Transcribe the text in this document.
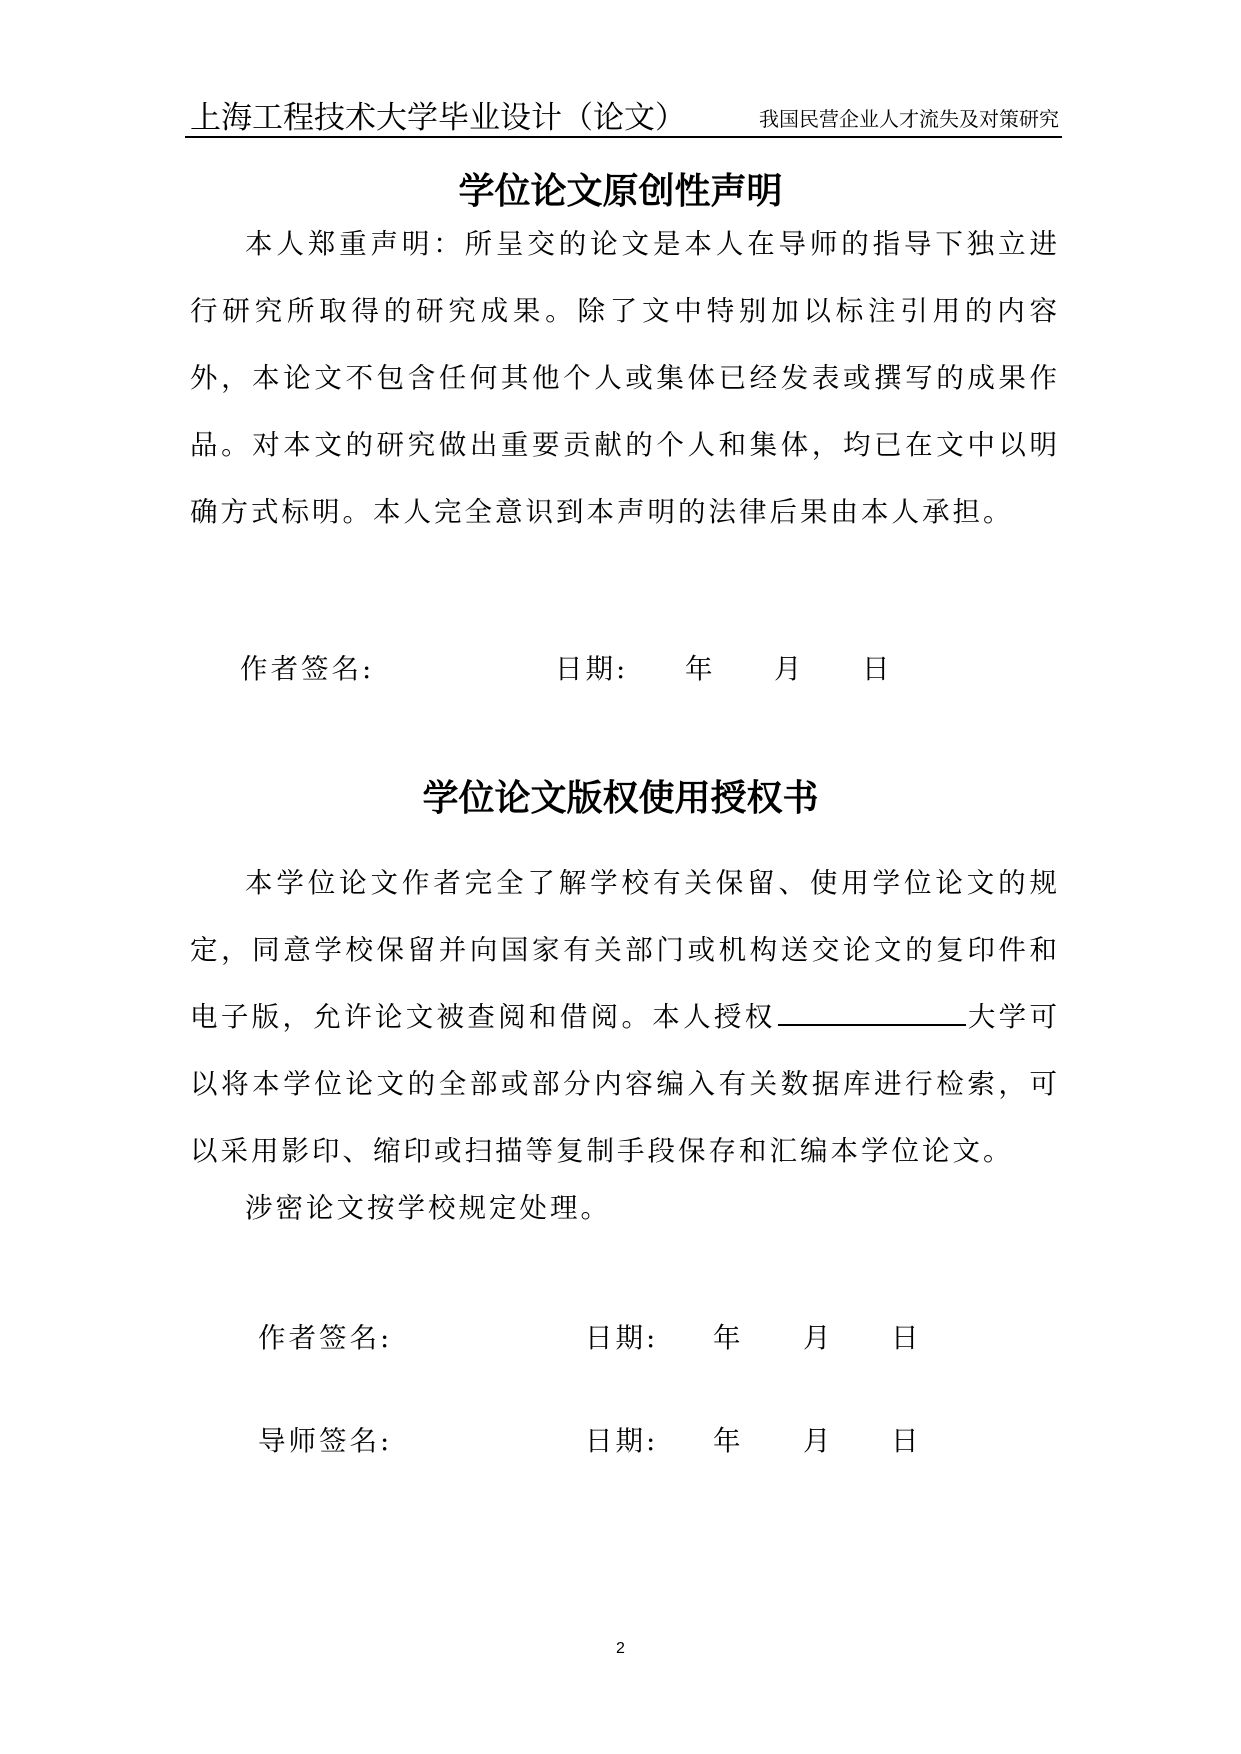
上海工程技术大学毕业设计（论文）	我国民营企业人才流失及对策研究
学位论文原创性声明

本人郑重声明：所呈交的论文是本人在导师的指导下独立进行研究所取得的研究成果。除了文中特别加以标注引用的内容外，本论文不包含任何其他个人或集体已经发表或撰写的成果作品。对本文的研究做出重要贡献的个人和集体，均已在文中以明确方式标明。本人完全意识到本声明的法律后果由本人承担。

作者签名:	日期: 年 月 日
学位论文版权使用授权书

本学位论文作者完全了解学校有关保留、使用学位论文的规定，同意学校保留并向国家有关部门或机构送交论文的复印件和电子版，允许论文被查阅和借阅。本人授权	大学可以将本学位论文的全部或部分内容编入有关数据库进行检索，可以采用影印、缩印或扫描等复制手段保存和汇编本学位论文。

涉密论文按学校规定处理。

作者签名:	日期: 年 月 日
导师签名:	日期: 年 月 日
2
